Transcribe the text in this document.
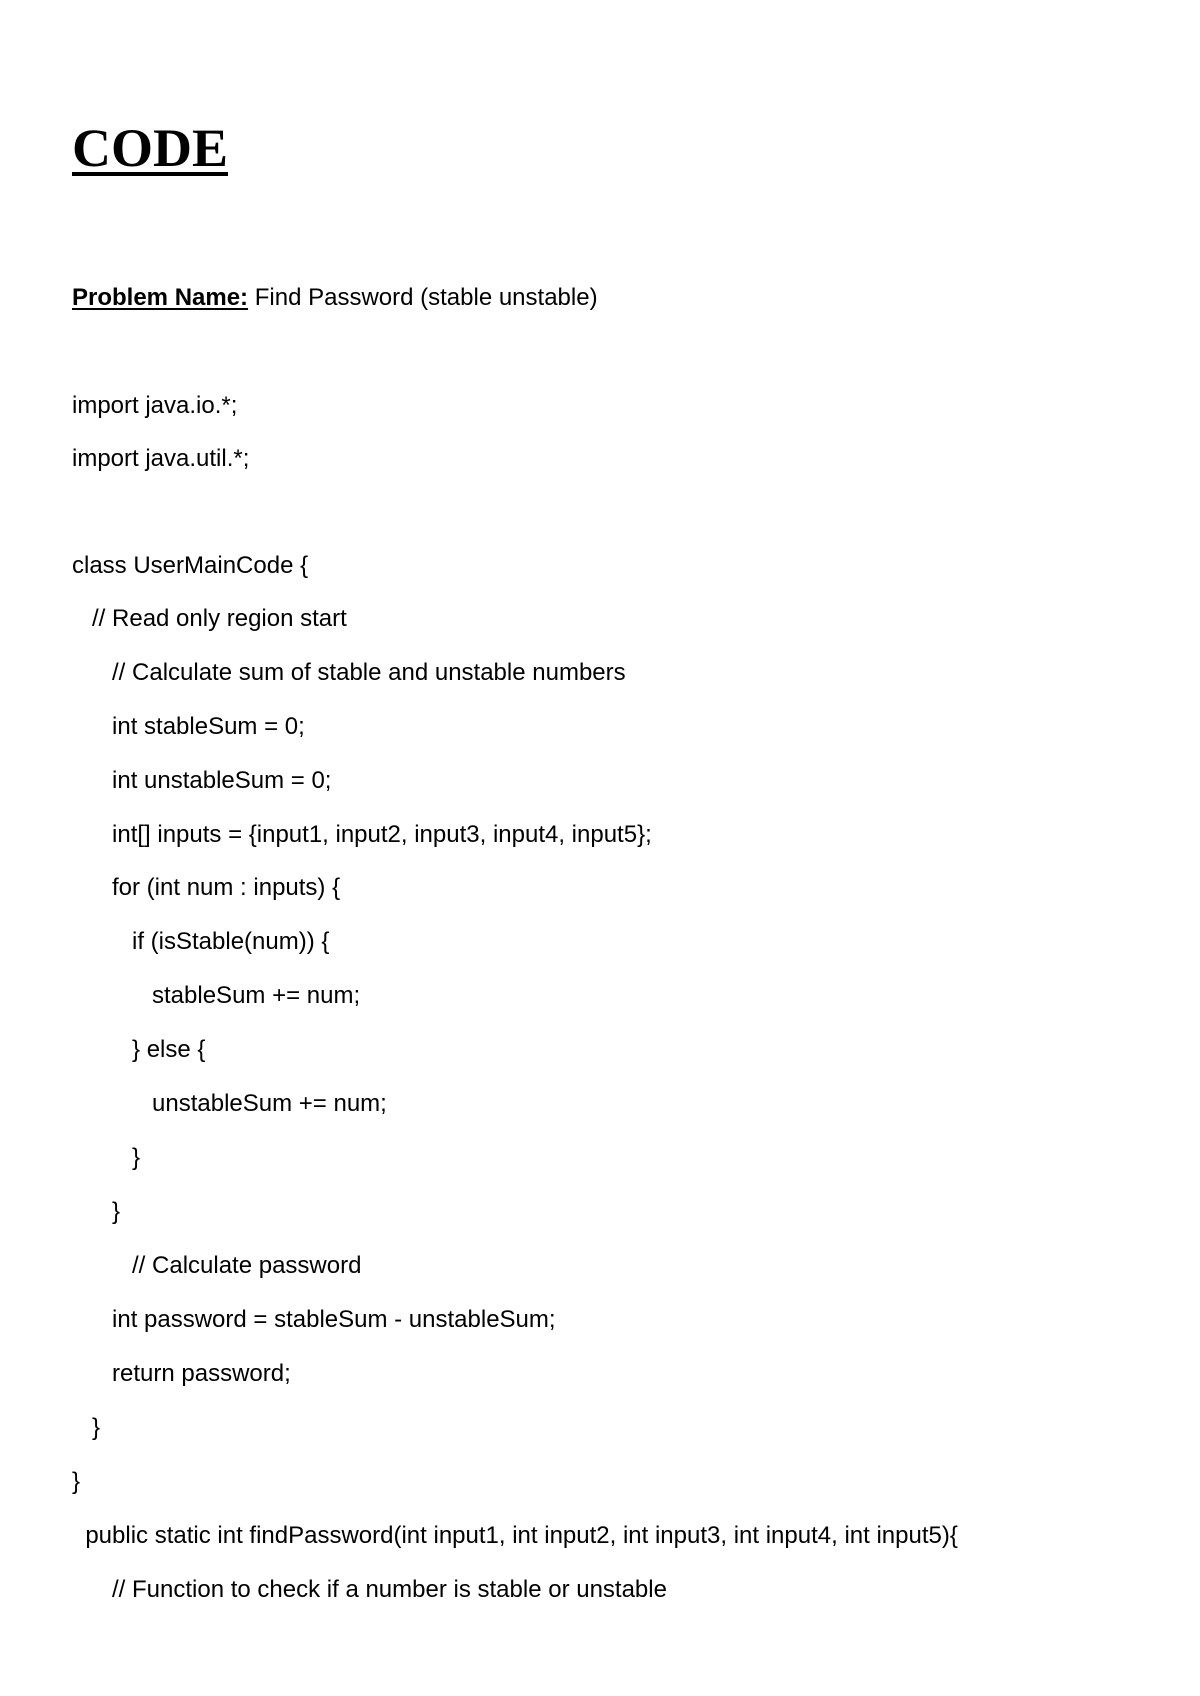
CODE
Problem Name: Find Password (stable unstable)
import java.io.*;
import java.util.*;
class UserMainCode {
// Read only region start
// Calculate sum of stable and unstable numbers
int stableSum = 0;
int unstableSum = 0;
int[] inputs = {input1, input2, input3, input4, input5};
for (int num : inputs) {
if (isStable(num)) {
stableSum += num;
} else {
unstableSum += num;
}
}
// Calculate password
int password = stableSum - unstableSum;
return password;
}
}
public static int findPassword(int input1, int input2, int input3, int input4, int input5){
// Function to check if a number is stable or unstable
